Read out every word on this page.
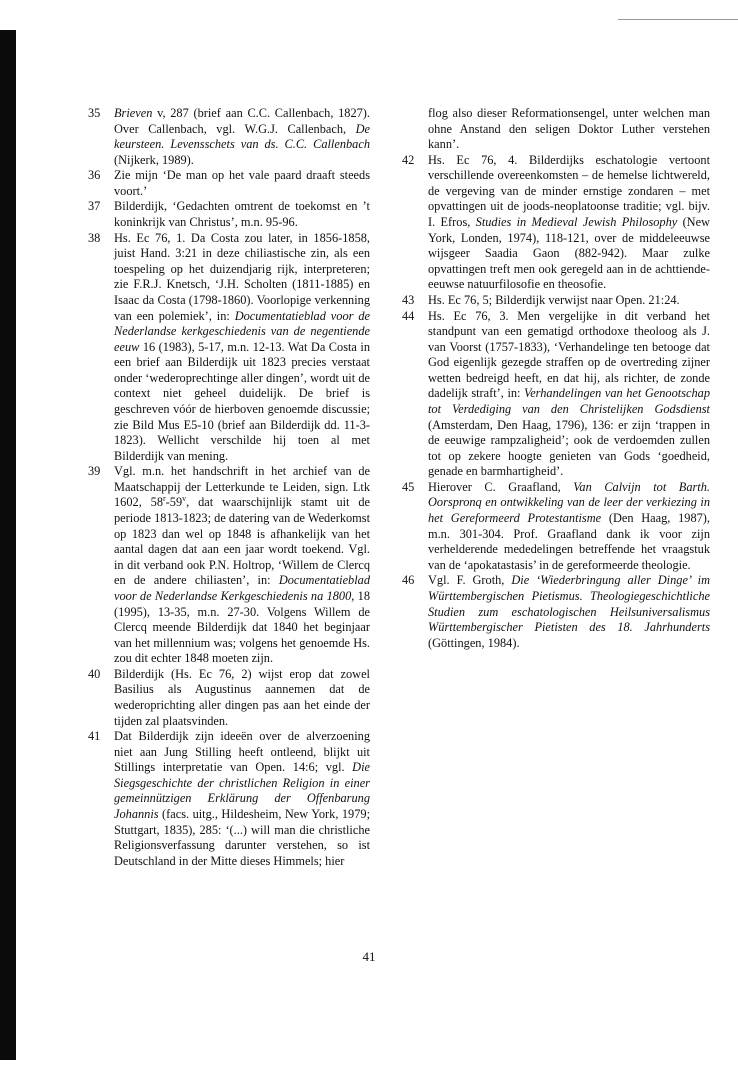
35	Brieven v, 287 (brief aan C.C. Callenbach, 1827). Over Callenbach, vgl. W.G.J. Callenbach, De keursteen. Levensschets van ds. C.C. Callenbach (Nijkerk, 1989).
36	Zie mijn ‘De man op het vale paard draaft steeds voort.’
37	Bilderdijk, ‘Gedachten omtrent de toekomst en ’t koninkrijk van Christus’, m.n. 95-96.
38	Hs. Ec 76, 1. Da Costa zou later, in 1856-1858, juist Hand. 3:21 in deze chiliastische zin, als een toespeling op het duizendjarig rijk, interpreteren; zie F.R.J. Knetsch, ‘J.H. Scholten (1811-1885) en Isaac da Costa (1798-1860). Voorlopige verkenning van een polemiek’, in: Documentatieblad voor de Nederlandse kerkgeschiedenis van de negentiende eeuw 16 (1983), 5-17, m.n. 12-13. Wat Da Costa in een brief aan Bilderdijk uit 1823 precies verstaat onder ‘wederoprechtinge aller dingen’, wordt uit de context niet geheel duidelijk. De brief is geschreven vóór de hierboven genoemde discussie; zie Bild Mus E5-10 (brief aan Bilderdijk dd. 11-3-1823). Wellicht verschilde hij toen al met Bilderdijk van mening.
39	Vgl. m.n. het handschrift in het archief van de Maatschappij der Letterkunde te Leiden, sign. Ltk 1602, 58$^r$-59$^v$, dat waarschijnlijk stamt uit de periode 1813-1823; de datering van de Wederkomst op 1823 dan wel op 1848 is afhankelijk van het aantal dagen dat aan een jaar wordt toekend. Vgl. in dit verband ook P.N. Holtrop, ‘Willem de Clercq en de andere chiliasten’, in: Documentatieblad voor de Nederlandse Kerkgeschiedenis na 1800, 18 (1995), 13-35, m.n. 27-30. Volgens Willem de Clercq meende Bilderdijk dat 1840 het beginjaar van het millennium was; volgens het genoemde Hs. zou dit echter 1848 moeten zijn.
40	Bilderdijk (Hs. Ec 76, 2) wijst erop dat zowel Basilius als Augustinus aannemen dat de wederoprichting aller dingen pas aan het einde der tijden zal plaatsvinden.
41	Dat Bilderdijk zijn ideeën over de alverzoening niet aan Jung Stilling heeft ontleend, blijkt uit Stillings interpretatie van Open. 14:6; vgl. Die Siegsgeschichte der christlichen Religion in einer gemeinnützigen Erklärung der Offenbarung Johannis (facs. uitg., Hildesheim, New York, 1979; Stuttgart, 1835), 285: ‘(...) will man die christliche Religionsverfassung darunter verstehen, so ist Deutschland in der Mitte dieses Himmels; hier
flog also dieser Reformationsengel, unter welchen man ohne Anstand den seligen Doktor Luther verstehen kann’.
42	Hs. Ec 76, 4. Bilderdijks eschatologie vertoont verschillende overeenkomsten – de hemelse lichtwereld, de vergeving van de minder ernstige zondaren – met opvattingen uit de joods-neoplatoonse traditie; vgl. bijv. I. Efros, Studies in Medieval Jewish Philosophy (New York, Londen, 1974), 118-121, over de middeleeuwse wijsgeer Saadia Gaon (882-942). Maar zulke opvattingen treft men ook geregeld aan in de achttiende-eeuwse natuurfilosofie en theosofie.
43	Hs. Ec 76, 5; Bilderdijk verwijst naar Open. 21:24.
44	Hs. Ec 76, 3. Men vergelijke in dit verband het standpunt van een gematigd orthodoxe theoloog als J. van Voorst (1757-1833), ‘Verhandelinge ten betooge dat God eigenlijk gezegde straffen op de overtreding zijner wetten bedreigd heeft, en dat hij, als richter, de zonde dadelijk straft’, in: Verhandelingen van het Genootschap tot Verdediging van den Christelijken Godsdienst (Amsterdam, Den Haag, 1796), 136: er zijn ‘trappen in de eeuwige rampzaligheid’; ook de verdoemden zullen tot op zekere hoogte genieten van Gods ‘goedheid, genade en barmhartigheid’.
45	Hierover C. Graafland, Van Calvijn tot Barth. Oorspronq en ontwikkeling van de leer der verkiezing in het Gereformeerd Protestantisme (Den Haag, 1987), m.n. 301-304. Prof. Graafland dank ik voor zijn verhelderende mededelingen betreffende het vraagstuk van de ‘apokatastasis’ in de gereformeerde theologie.
46	Vgl. F. Groth, Die ‘Wiederbringung aller Dinge’ im Württembergischen Pietismus. Theologiegeschichtliche Studien zum eschatologischen Heilsuniversalismus Württembergischer Pietisten des 18. Jahrhunderts (Göttingen, 1984).
41
